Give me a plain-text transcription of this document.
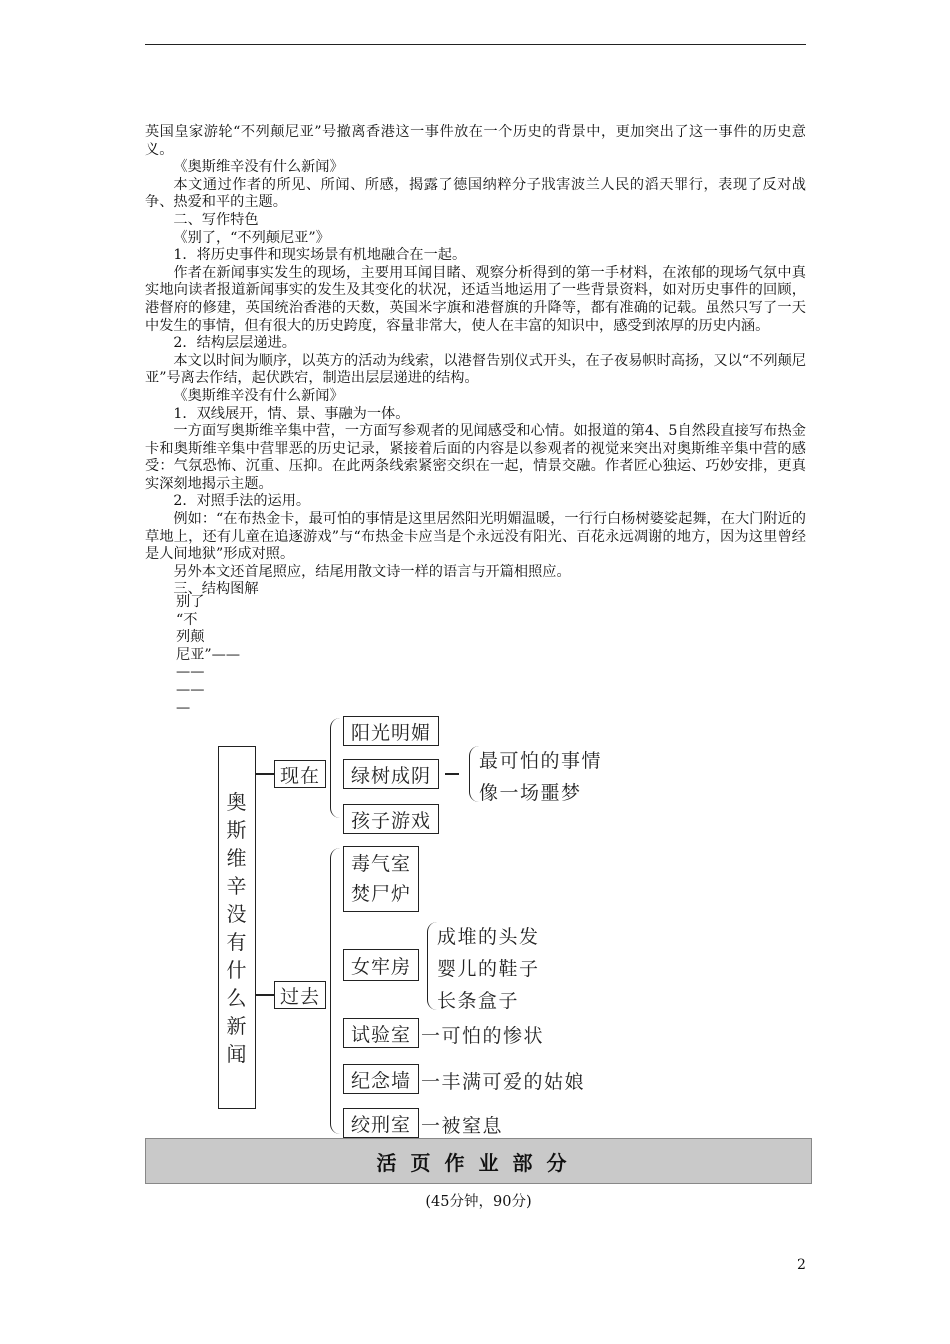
英国皇家游轮“不列颠尼亚”号撤离香港这一事件放在一个历史的背景中，更加突出了这一事件的历史意义。

《奥斯维辛没有什么新闻》

本文通过作者的所见、所闻、所感，揭露了德国纳粹分子戕害波兰人民的滔天罪行，表现了反对战争、热爱和平的主题。

二、写作特色

《别了，“不列颠尼亚”》

1．将历史事件和现实场景有机地融合在一起。

作者在新闻事实发生的现场，主要用耳闻目睹、观察分析得到的第一手材料，在浓郁的现场气氛中真实地向读者报道新闻事实的发生及其变化的状况，还适当地运用了一些背景资料，如对历史事件的回顾，港督府的修建，英国统治香港的天数，英国米字旗和港督旗的升降等，都有准确的记载。虽然只写了一天中发生的事情，但有很大的历史跨度，容量非常大，使人在丰富的知识中，感受到浓厚的历史内涵。

2．结构层层递进。

本文以时间为顺序，以英方的活动为线索，以港督告别仪式开头，在子夜易帜时高扬，又以“不列颠尼亚”号离去作结，起伏跌宕，制造出层层递进的结构。

《奥斯维辛没有什么新闻》

1．双线展开，情、景、事融为一体。

一方面写奥斯维辛集中营，一方面写参观者的见闻感受和心情。如报道的第4、5自然段直接写布热金卡和奥斯维辛集中营罪恶的历史记录，紧接着后面的内容是以参观者的视觉来突出对奥斯维辛集中营的感受：气氛恐怖、沉重、压抑。在此两条线索紧密交织在一起，情景交融。作者匠心独运、巧妙安排，更真实深刻地揭示主题。

2．对照手法的运用。

例如：“在布热金卡，最可怕的事情是这里居然阳光明媚温暖，一行行白杨树婆娑起舞，在大门附近的草地上，还有儿童在追逐游戏”与“布热金卡应当是个永远没有阳光、百花永远凋谢的地方，因为这里曾经是人间地狱”形成对照。

另外本文还首尾照应，结尾用散文诗一样的语言与开篇相照应。

三、结构图解

别了
“不
列颠
尼亚”——
——
——
—
奥
斯
维
辛
没
有
什
么
新
闻
现在
过去
阳光明媚
绿树成阴
孩子游戏
最可怕的事情
像一场噩梦
毒气室
焚尸炉
女牢房
成堆的头发
婴儿的鞋子
长条盒子
试验室 一可怕的惨状
纪念墙 一丰满可爱的姑娘
绞刑室 一被窒息
活页作业部分
(45分钟，90分)
2
